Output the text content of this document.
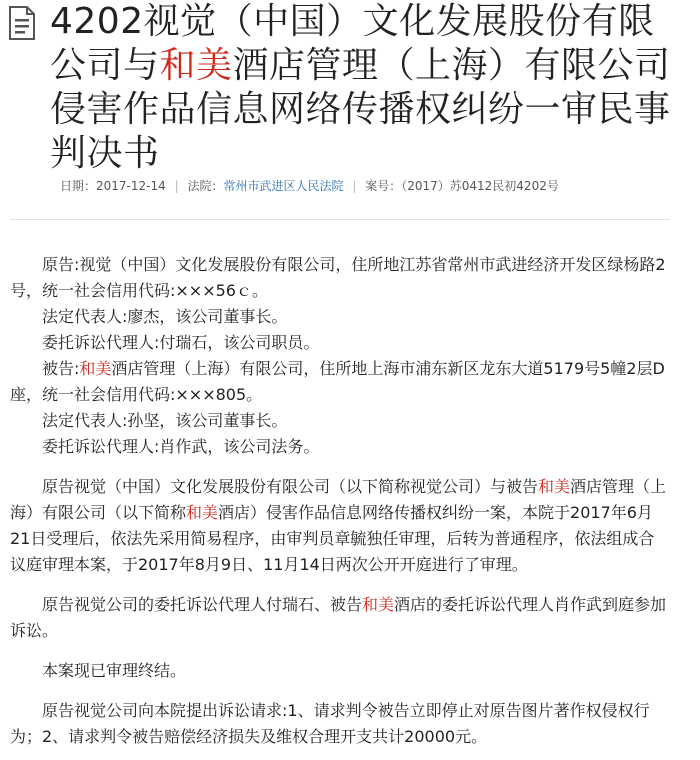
4202视觉（中国）文化发展股份有限公司与和美酒店管理（上海）有限公司侵害作品信息网络传播权纠纷一审民事判决书
日期：2017-12-14 | 法院：常州市武进区人民法院 | 案号：（2017）苏0412民初4202号

原告:视觉（中国）文化发展股份有限公司，住所地江苏省常州市武进经济开发区绿杨路2号，统一社会信用代码:×××56ｃ。

法定代表人:廖杰，该公司董事长。

委托诉讼代理人:付瑞石，该公司职员。

被告:和美酒店管理（上海）有限公司，住所地上海市浦东新区龙东大道5179号5幢2层D座，统一社会信用代码:×××805。

法定代表人:孙坚，该公司董事长。

委托诉讼代理人:肖作武，该公司法务。

原告视觉（中国）文化发展股份有限公司（以下简称视觉公司）与被告和美酒店管理（上海）有限公司（以下简称和美酒店）侵害作品信息网络传播权纠纷一案，本院于2017年6月21日受理后，依法先采用简易程序，由审判员章毓独任审理，后转为普通程序，依法组成合议庭审理本案，于2017年8月9日、11月14日两次公开开庭进行了审理。

原告视觉公司的委托诉讼代理人付瑞石、被告和美酒店的委托诉讼代理人肖作武到庭参加诉讼。

本案现已审理终结。

原告视觉公司向本院提出诉讼请求:1、请求判令被告立即停止对原告图片著作权侵权行为；2、请求判令被告赔偿经济损失及维权合理开支共计20000元。
